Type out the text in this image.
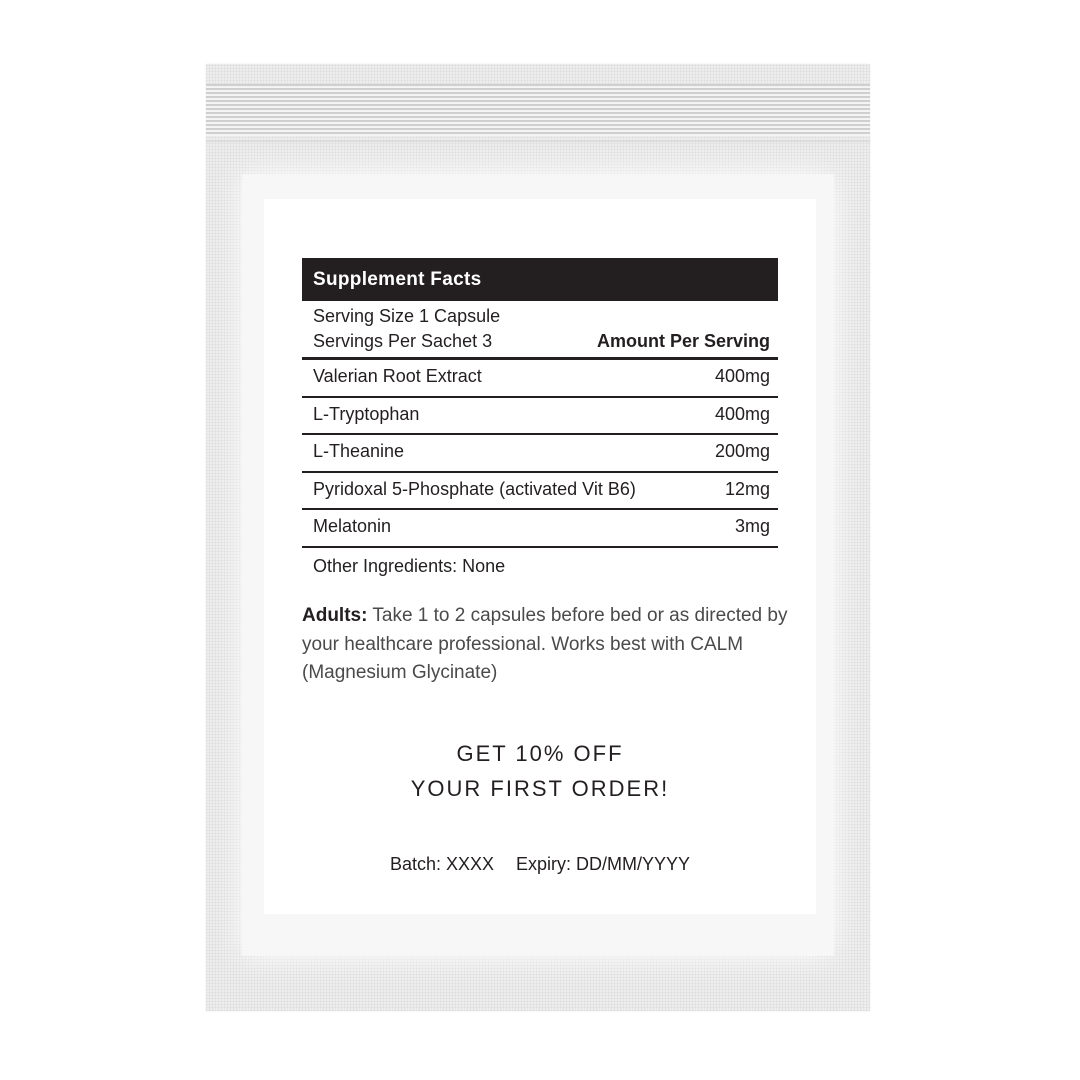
Supplement Facts
Serving Size 1 Capsule
Servings Per Sachet 3	Amount Per Serving
Valerian Root Extract	400mg
L-Tryptophan	400mg
L-Theanine	200mg
Pyridoxal 5-Phosphate (activated Vit B6)	12mg
Melatonin	3mg
Other Ingredients: None
Adults: Take 1 to 2 capsules before bed or as directed by your healthcare professional. Works best with CALM (Magnesium Glycinate)
GET 10% OFF
YOUR FIRST ORDER!
Batch: XXXX Expiry: DD/MM/YYYY
